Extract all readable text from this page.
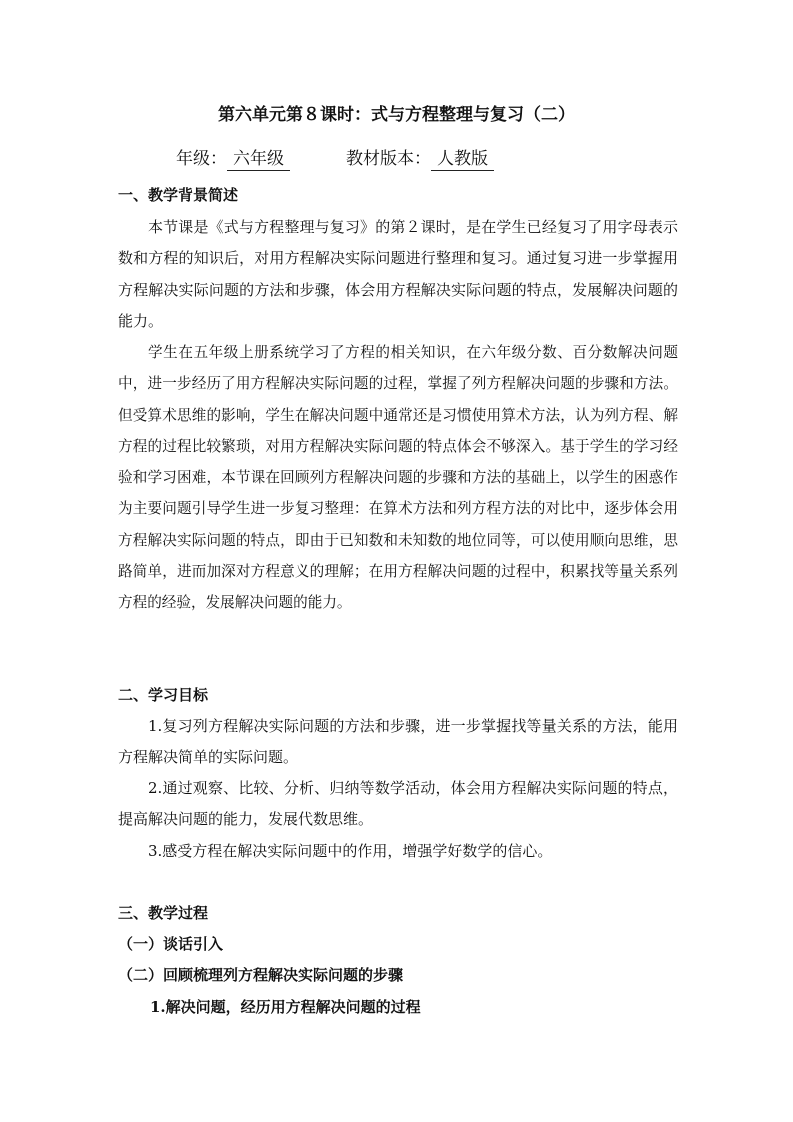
第六单元第８课时：式与方程整理与复习（二）
年级： 六年级	教材版本： 人教版
一、教学背景简述
本节课是《式与方程整理与复习》的第２课时，是在学生已经复习了用字母表示数和方程的知识后，对用方程解决实际问题进行整理和复习。通过复习进一步掌握用方程解决实际问题的方法和步骤，体会用方程解决实际问题的特点，发展解决问题的能力。
学生在五年级上册系统学习了方程的相关知识，在六年级分数、百分数解决问题中，进一步经历了用方程解决实际问题的过程，掌握了列方程解决问题的步骤和方法。但受算术思维的影响，学生在解决问题中通常还是习惯使用算术方法，认为列方程、解方程的过程比较繁琐，对用方程解决实际问题的特点体会不够深入。基于学生的学习经验和学习困难，本节课在回顾列方程解决问题的步骤和方法的基础上，以学生的困惑作为主要问题引导学生进一步复习整理：在算术方法和列方程方法的对比中，逐步体会用方程解决实际问题的特点，即由于已知数和未知数的地位同等，可以使用顺向思维，思路简单，进而加深对方程意义的理解；在用方程解决问题的过程中，积累找等量关系列方程的经验，发展解决问题的能力。
二、学习目标
1.复习列方程解决实际问题的方法和步骤，进一步掌握找等量关系的方法，能用方程解决简单的实际问题。
2.通过观察、比较、分析、归纳等数学活动，体会用方程解决实际问题的特点，提高解决问题的能力，发展代数思维。
3.感受方程在解决实际问题中的作用，增强学好数学的信心。
三、教学过程
（一）谈话引入
（二）回顾梳理列方程解决实际问题的步骤
1.解决问题，经历用方程解决问题的过程
